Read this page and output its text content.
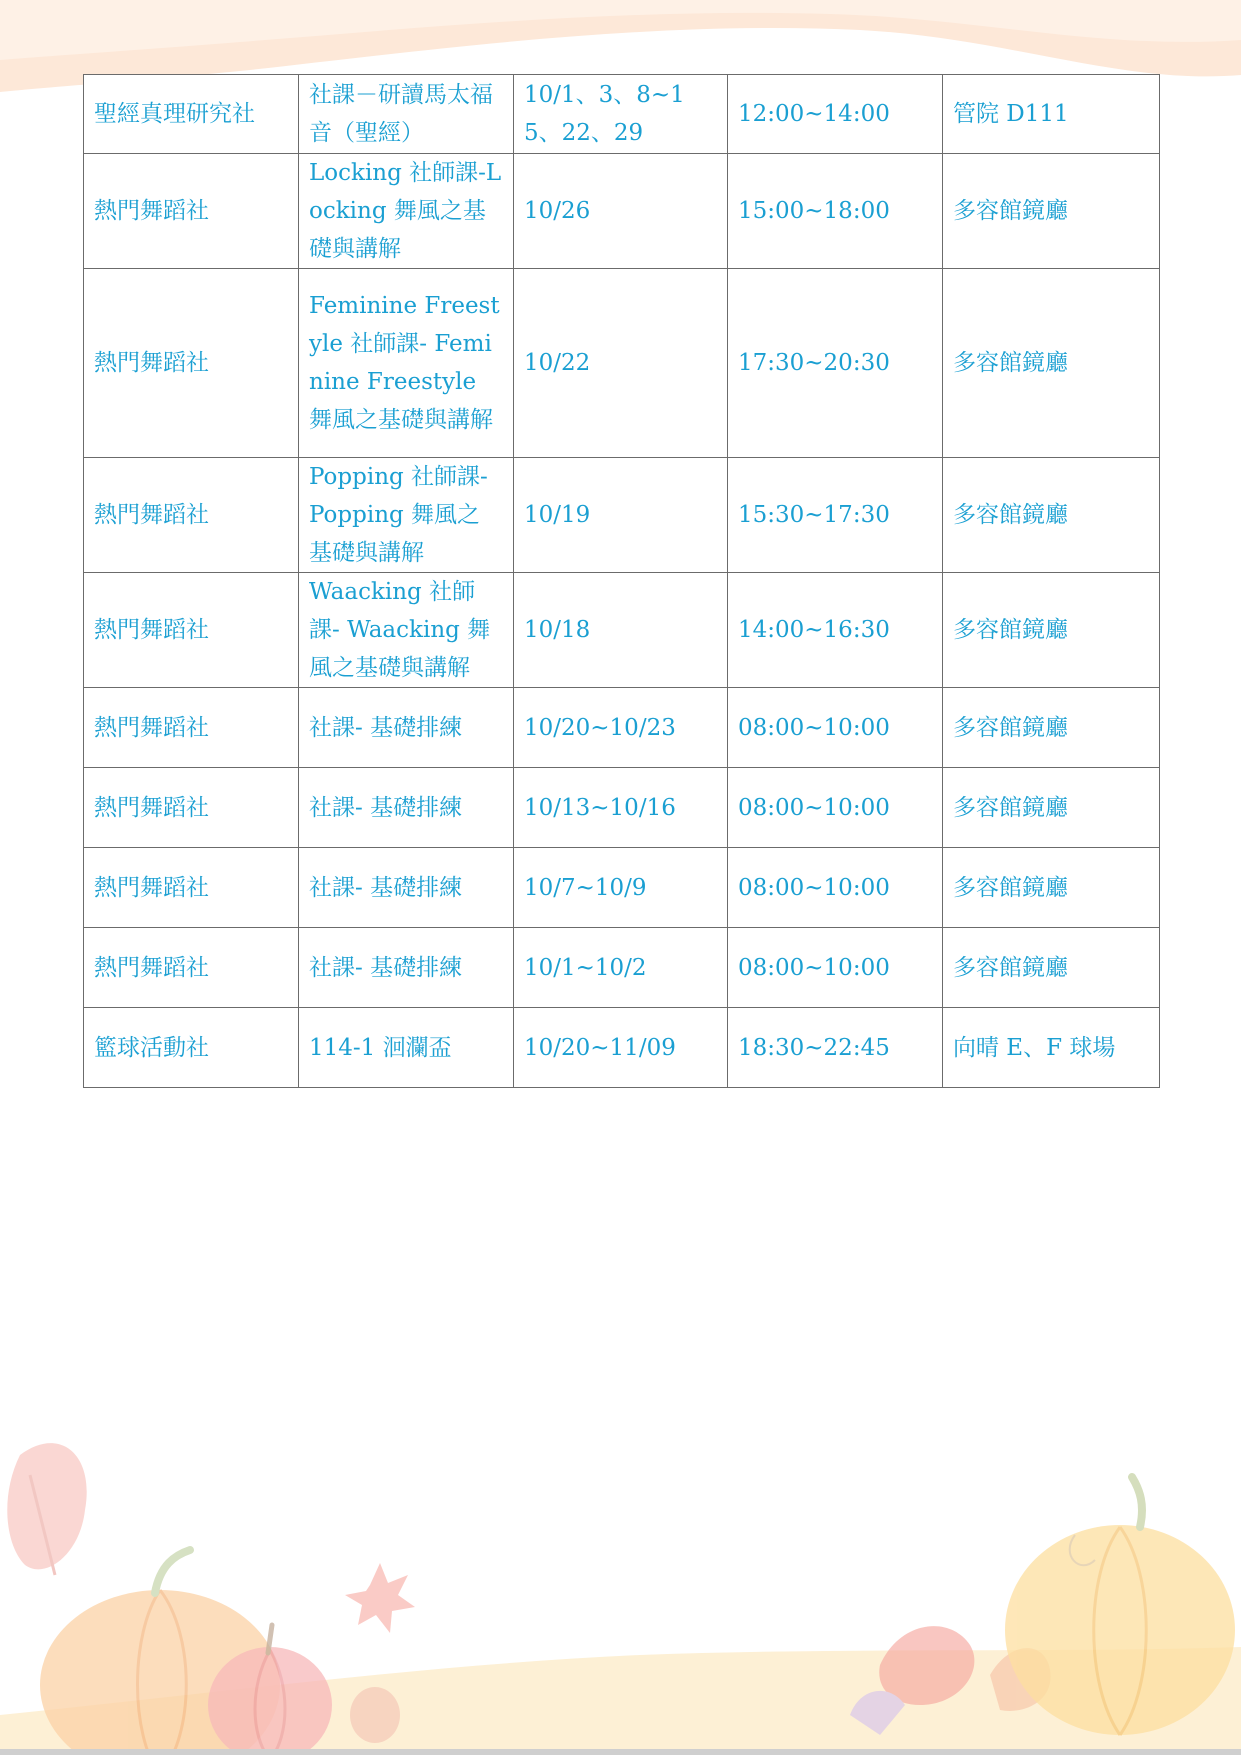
聖經真理研究社	社課－研讀馬太福音（聖經）	10/1、3、8~15、22、29	12:00~14:00	管院 D111
熱門舞蹈社	Locking 社師課-Locking 舞風之基礎與講解	10/26	15:00~18:00	多容館鏡廳
熱門舞蹈社	Feminine Freestyle 社師課- Feminine Freestyle 舞風之基礎與講解	10/22	17:30~20:30	多容館鏡廳
熱門舞蹈社	Popping 社師課-Popping 舞風之基礎與講解	10/19	15:30~17:30	多容館鏡廳
熱門舞蹈社	Waacking 社師課- Waacking 舞風之基礎與講解	10/18	14:00~16:30	多容館鏡廳
熱門舞蹈社	社課- 基礎排練	10/20~10/23	08:00~10:00	多容館鏡廳
熱門舞蹈社	社課- 基礎排練	10/13~10/16	08:00~10:00	多容館鏡廳
熱門舞蹈社	社課- 基礎排練	10/7~10/9	08:00~10:00	多容館鏡廳
熱門舞蹈社	社課- 基礎排練	10/1~10/2	08:00~10:00	多容館鏡廳
籃球活動社	114-1 洄瀾盃	10/20~11/09	18:30~22:45	向晴 E、F 球場
